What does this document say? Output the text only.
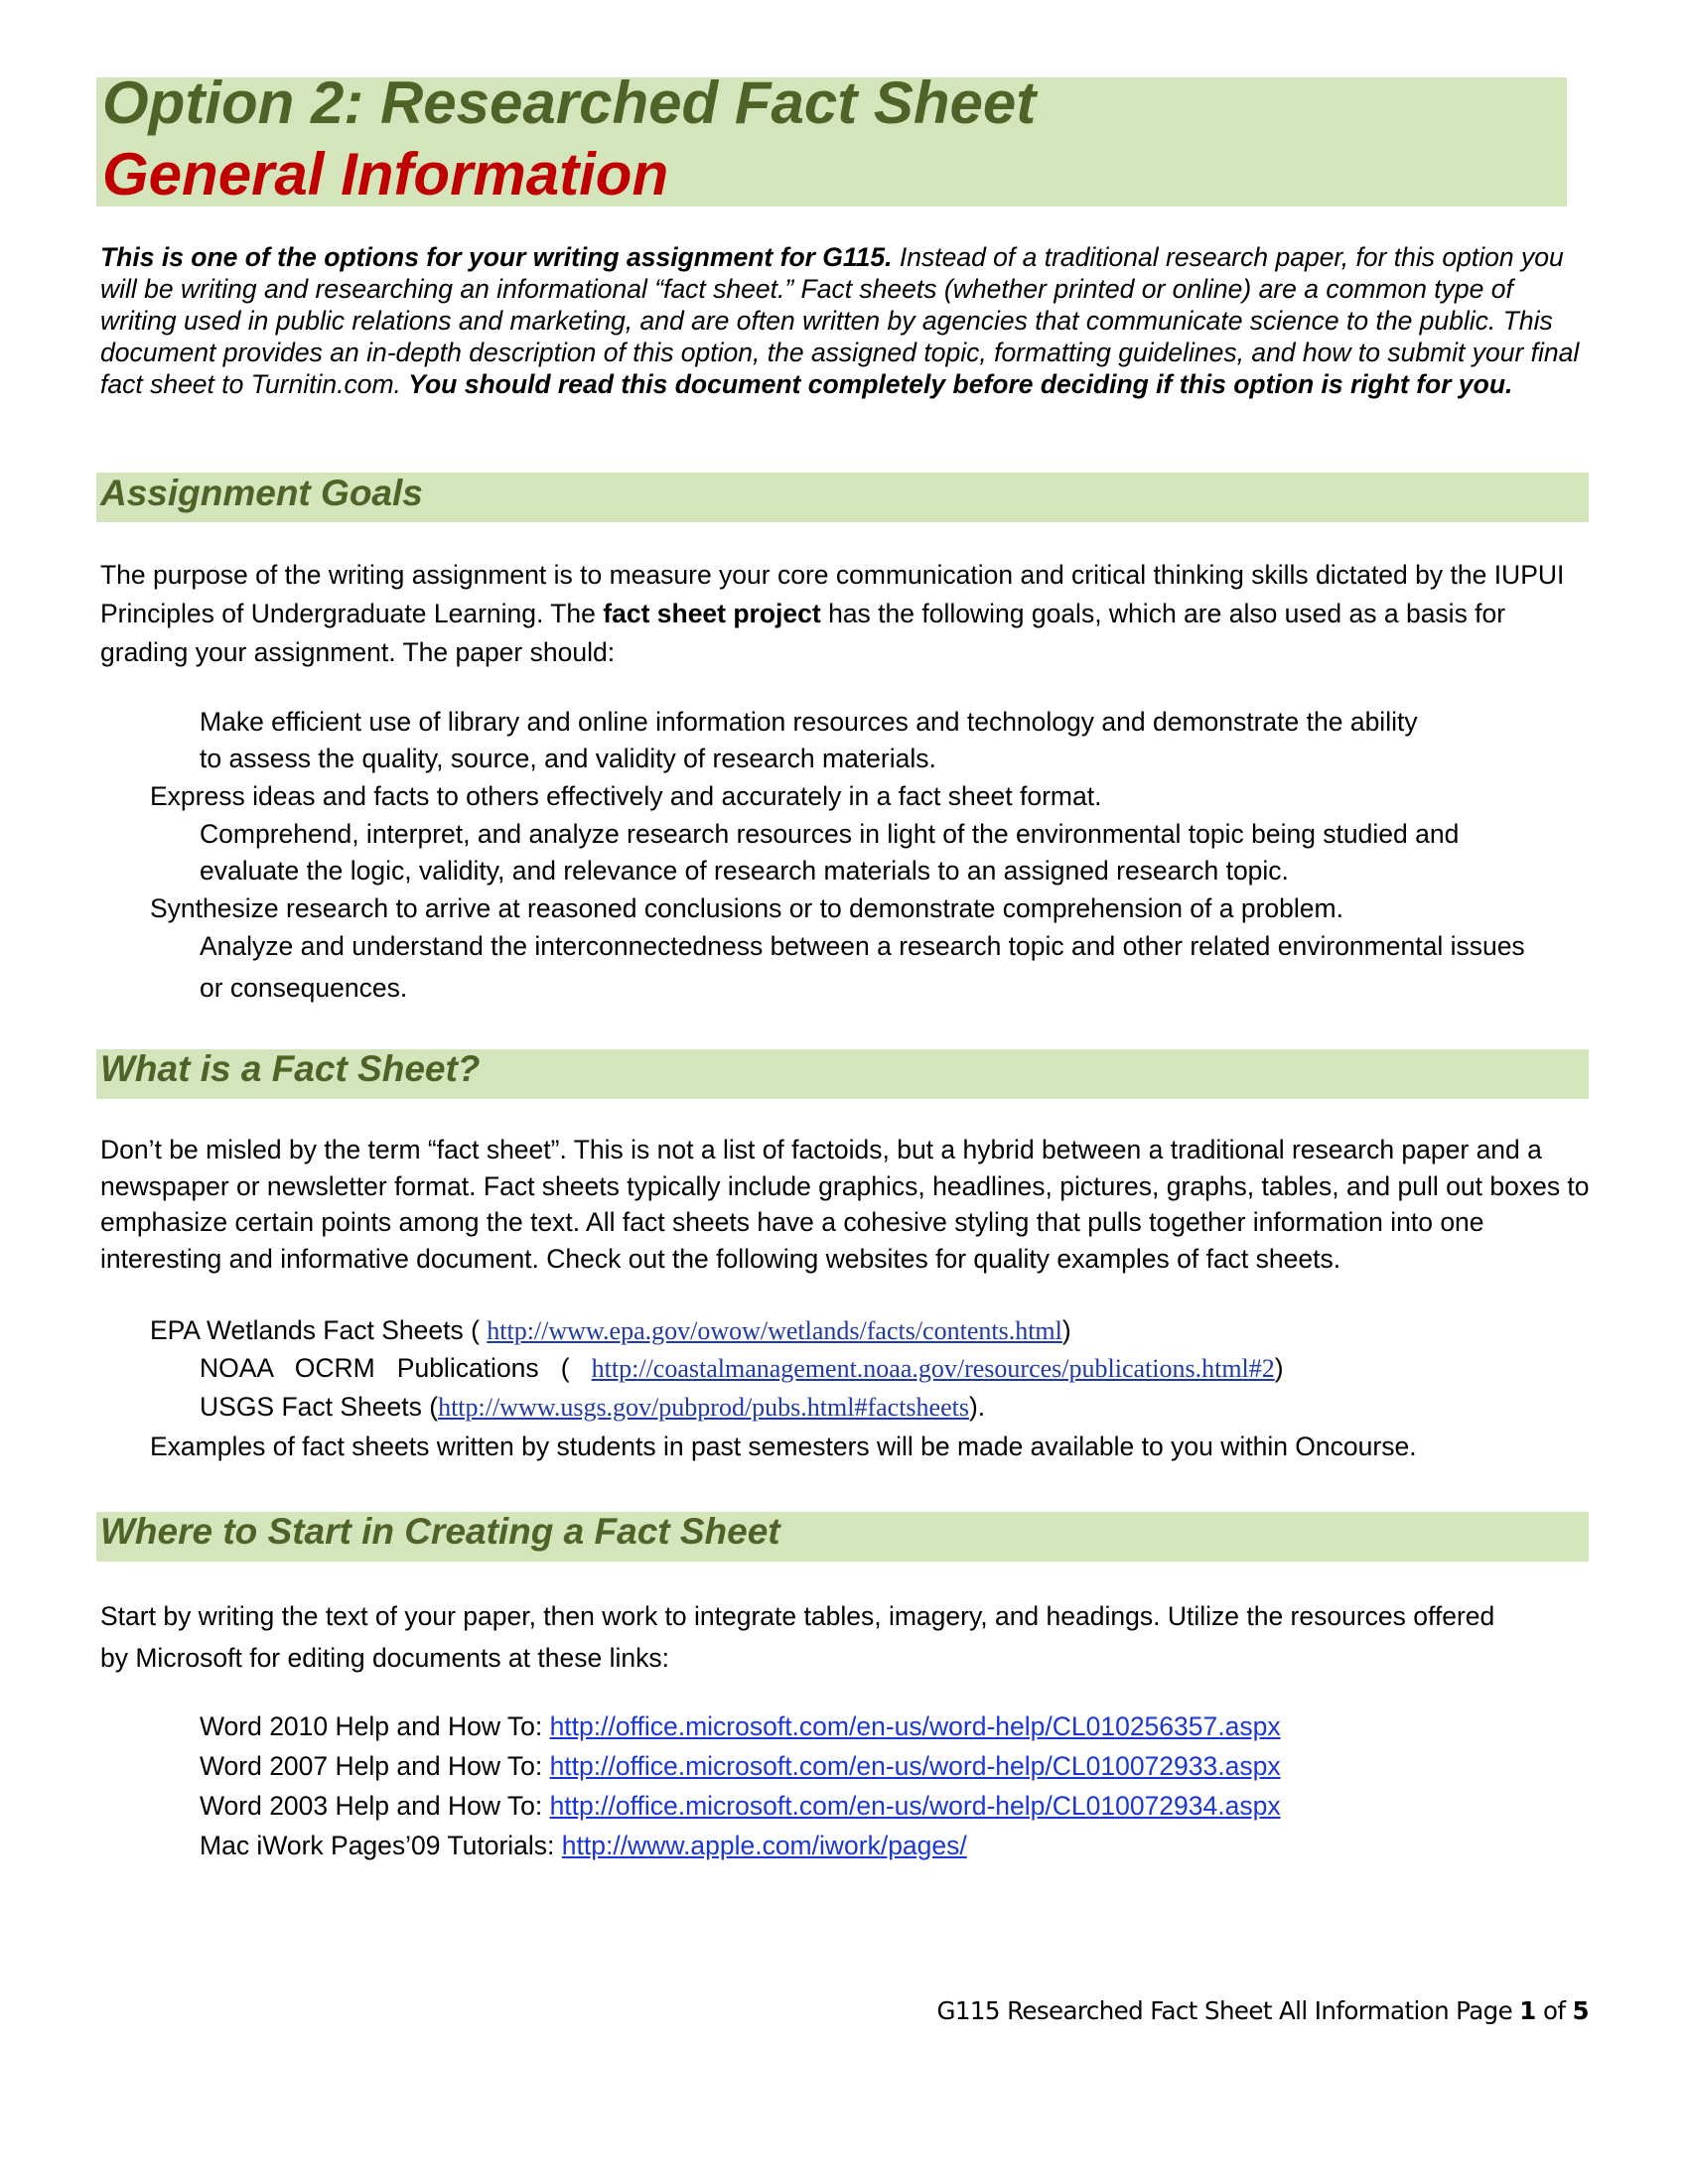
Option 2: Researched Fact Sheet
General Information

This is one of the options for your writing assignment for G115. Instead of a traditional research paper, for this option you will be writing and researching an informational “fact sheet.” Fact sheets (whether printed or online) are a common type of writing used in public relations and marketing, and are often written by agencies that communicate science to the public. This document provides an in-depth description of this option, the assigned topic, formatting guidelines, and how to submit your final fact sheet to Turnitin.com. You should read this document completely before deciding if this option is right for you.

Assignment Goals

The purpose of the writing assignment is to measure your core communication and critical thinking skills dictated by the IUPUI Principles of Undergraduate Learning. The fact sheet project has the following goals, which are also used as a basis for grading your assignment. The paper should:

Make efficient use of library and online information resources and technology and demonstrate the ability

to assess the quality, source, and validity of research materials.

Express ideas and facts to others effectively and accurately in a fact sheet format.

Comprehend, interpret, and analyze research resources in light of the environmental topic being studied and

evaluate the logic, validity, and relevance of research materials to an assigned research topic.

Synthesize research to arrive at reasoned conclusions or to demonstrate comprehension of a problem.

Analyze and understand the interconnectedness between a research topic and other related environmental issues

or consequences.

What is a Fact Sheet?

Don’t be misled by the term “fact sheet”. This is not a list of factoids, but a hybrid between a traditional research paper and a newspaper or newsletter format. Fact sheets typically include graphics, headlines, pictures, graphs, tables, and pull out boxes to emphasize certain points among the text. All fact sheets have a cohesive styling that pulls together information into one interesting and informative document. Check out the following websites for quality examples of fact sheets.

EPA Wetlands Fact Sheets ( http://www.epa.gov/owow/wetlands/facts/contents.html)

NOAA   OCRM   Publications   (   http://coastalmanagement.noaa.gov/resources/publications.html#2)

USGS Fact Sheets (http://www.usgs.gov/pubprod/pubs.html#factsheets).

Examples of fact sheets written by students in past semesters will be made available to you within Oncourse.

Where to Start in Creating a Fact Sheet

Start by writing the text of your paper, then work to integrate tables, imagery, and headings. Utilize the resources offered by Microsoft for editing documents at these links:

Word 2010 Help and How To: http://office.microsoft.com/en-us/word-help/CL010256357.aspx

Word 2007 Help and How To: http://office.microsoft.com/en-us/word-help/CL010072933.aspx

Word 2003 Help and How To: http://office.microsoft.com/en-us/word-help/CL010072934.aspx

Mac iWork Pages’09 Tutorials: http://www.apple.com/iwork/pages/

G115 Researched Fact Sheet All Information Page 1 of 5
